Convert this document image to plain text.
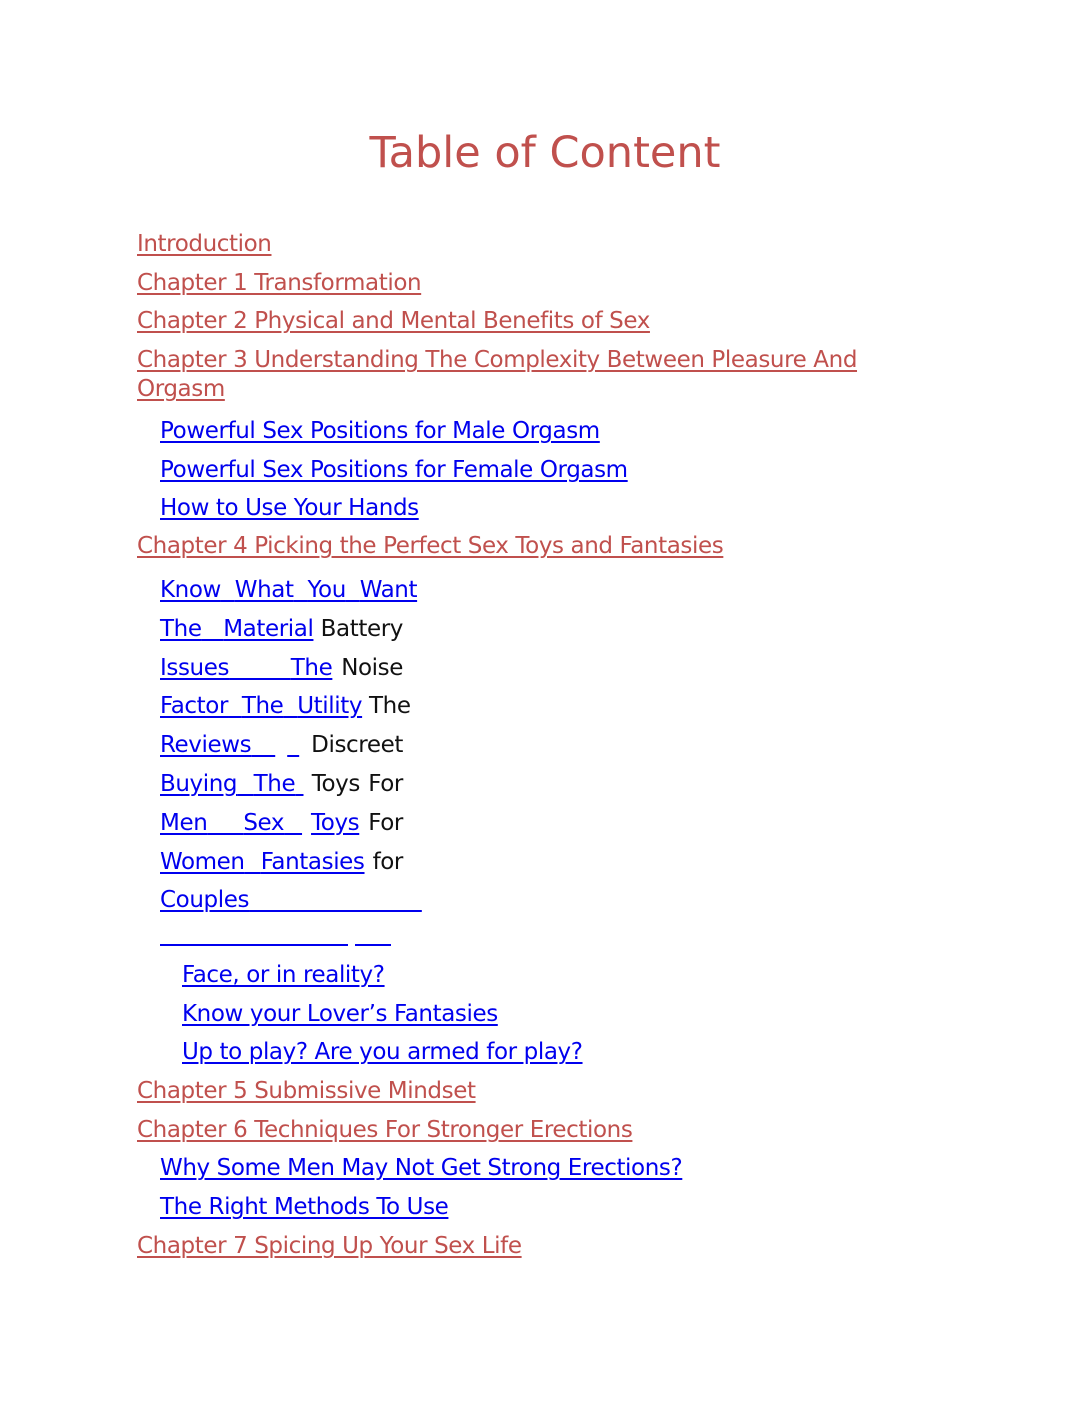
Table of Content
Introduction
Chapter 1 Transformation
Chapter 2 Physical and Mental Benefits of Sex
Chapter 3 Understanding The Complexity Between Pleasure And Orgasm
Powerful Sex Positions for Male Orgasm
Powerful Sex Positions for Female Orgasm
How to Use Your Hands
Chapter 4 Picking the Perfect Sex Toys and Fantasies
Know What You Want
The Material Battery
Issues	The Noise
Factor The Utility The
Reviews	Discreet
Buying The Toys For
Men Sex Toys For
Women Fantasies for
Couples
Face, or in reality?
Know your Lover’s Fantasies
Up to play? Are you armed for play?
Chapter 5 Submissive Mindset
Chapter 6 Techniques For Stronger Erections
Why Some Men May Not Get Strong Erections?
The Right Methods To Use
Chapter 7 Spicing Up Your Sex Life
